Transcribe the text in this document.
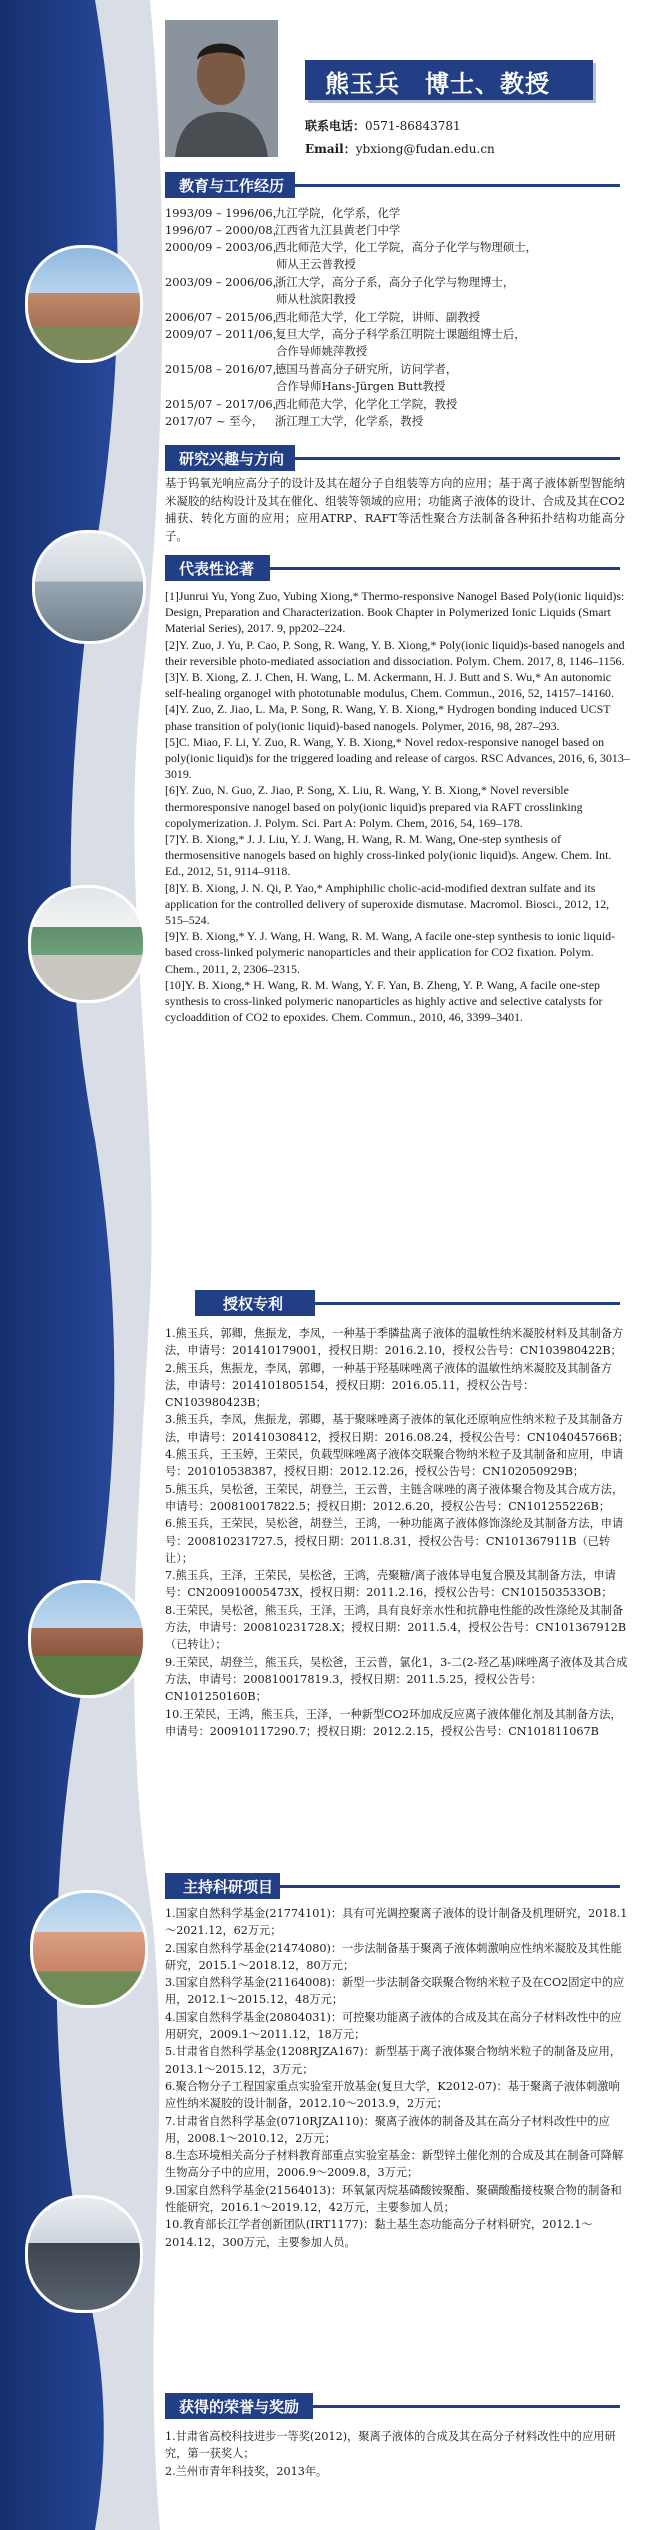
熊玉兵　博士、教授
联系电话：0571-86843781
Email：ybxiong@fudan.edu.cn
教育与工作经历
1993/09 – 1996/06，九江学院，化学系，化学
1996/07 – 2000/08，江西省九江县黄老门中学
2000/09 – 2003/06，西北师范大学，化工学院，高分子化学与物理硕士，
师从王云普教授
2003/09 – 2006/06，浙江大学，高分子系，高分子化学与物理博士，
师从杜滨阳教授
2006/07 – 2015/06，西北师范大学，化工学院，讲师、副教授
2009/07 – 2011/06，复旦大学，高分子科学系江明院士课题组博士后，
合作导师姚萍教授
2015/08 – 2016/07，德国马普高分子研究所，访问学者，
合作导师Hans-Jürgen Butt教授
2015/07 – 2017/06，西北师范大学，化学化工学院，教授
2017/07 ~ 至今， 浙江理工大学，化学系，教授
研究兴趣与方向
基于钨氧光响应高分子的设计及其在超分子自组装等方向的应用；基于离子液体新型智能纳米凝胶的结构设计及其在催化、组装等领域的应用；功能离子液体的设计、合成及其在CO2捕获、转化方面的应用；应用ATRP、RAFT等活性聚合方法制备各种拓扑结构功能高分子。
代表性论著
[1]Junrui Yu, Yong Zuo, Yubing Xiong,* Thermo-responsive Nanogel Based Poly(ionic liquid)s: Design, Preparation and Characterization. Book Chapter in Polymerized Ionic Liquids (Smart Material Series), 2017. 9, pp202–224.
[2]Y. Zuo, J. Yu, P. Cao, P. Song, R. Wang, Y. B. Xiong,* Poly(ionic liquid)s-based nanogels and their reversible photo-mediated association and dissociation. Polym. Chem. 2017, 8, 1146–1156.
[3]Y. B. Xiong, Z. J. Chen, H. Wang, L. M. Ackermann, H. J. Butt and S. Wu,* An autonomic self-healing organogel with phototunable modulus, Chem. Commun., 2016, 52, 14157–14160.
[4]Y. Zuo, Z. Jiao, L. Ma, P. Song, R. Wang, Y. B. Xiong,* Hydrogen bonding induced UCST phase transition of poly(ionic liquid)-based nanogels. Polymer, 2016, 98, 287–293.
[5]C. Miao, F. Li, Y. Zuo, R. Wang, Y. B. Xiong,* Novel redox-responsive nanogel based on poly(ionic liquid)s for the triggered loading and release of cargos. RSC Advances, 2016, 6, 3013–3019.
[6]Y. Zuo, N. Guo, Z. Jiao, P. Song, X. Liu, R. Wang, Y. B. Xiong,* Novel reversible thermoresponsive nanogel based on poly(ionic liquid)s prepared via RAFT crosslinking copolymerization. J. Polym. Sci. Part A: Polym. Chem, 2016, 54, 169–178.
[7]Y. B. Xiong,* J. J. Liu, Y. J. Wang, H. Wang, R. M. Wang, One-step synthesis of thermosensitive nanogels based on highly cross-linked poly(ionic liquid)s. Angew. Chem. Int. Ed., 2012, 51, 9114–9118.
[8]Y. B. Xiong, J. N. Qi, P. Yao,* Amphiphilic cholic-acid-modified dextran sulfate and its application for the controlled delivery of superoxide dismutase. Macromol. Biosci., 2012, 12, 515–524.
[9]Y. B. Xiong,* Y. J. Wang, H. Wang, R. M. Wang, A facile one-step synthesis to ionic liquid-based cross-linked polymeric nanoparticles and their application for CO2 fixation. Polym. Chem., 2011, 2, 2306–2315.
[10]Y. B. Xiong,* H. Wang, R. M. Wang, Y. F. Yan, B. Zheng, Y. P. Wang, A facile one-step synthesis to cross-linked polymeric nanoparticles as highly active and selective catalysts for cycloaddition of CO2 to epoxides. Chem. Commun., 2010, 46, 3399–3401.
授权专利
1.熊玉兵，郭卿，焦振龙，李凤，一种基于季膦盐离子液体的温敏性纳米凝胶材料及其制备方法，申请号：201410179001，授权日期：2016.2.10，授权公告号：CN103980422B；
2.熊玉兵，焦振龙，李凤，郭卿，一种基于羟基咪唑离子液体的温敏性纳米凝胶及其制备方法，申请号：2014101805154，授权日期：2016.05.11，授权公告号：CN103980423B；
3.熊玉兵，李凤，焦振龙，郭卿，基于聚咪唑离子液体的氧化还原响应性纳米粒子及其制备方法，申请号：201410308412，授权日期：2016.08.24，授权公告号：CN104045766B；
4.熊玉兵，王玉婷，王荣民，负载型咪唑离子液体交联聚合物纳米粒子及其制备和应用，申请号：201010538387，授权日期：2012.12.26，授权公告号：CN102050929B；
5.熊玉兵，吴松爸，王荣民，胡登兰，王云普，主链含咪唑的离子液体聚合物及其合成方法，申请号：200810017822.5；授权日期：2012.6.20，授权公告号：CN101255226B；
6.熊玉兵，王荣民，吴松爸，胡登兰，王鸿，一种功能离子液体修饰涤纶及其制备方法，申请号：200810231727.5，授权日期：2011.8.31，授权公告号：CN101367911B（已转让）；
7.熊玉兵，王泽，王荣民，吴松爸，王鸿，壳聚糖/离子液体导电复合膜及其制备方法，申请号：CN200910005473X，授权日期：2011.2.16，授权公告号：CN101503533OB；
8.王荣民，吴松爸，熊玉兵，王泽，王鸿，具有良好亲水性和抗静电性能的改性涤纶及其制备方法，申请号：200810231728.X；授权日期：2011.5.4，授权公告号：CN101367912B（已转让）；
9.王荣民，胡登兰，熊玉兵，吴松爸，王云普，氯化1，3-二(2-羟乙基)咪唑离子液体及其合成方法，申请号：200810017819.3，授权日期：2011.5.25，授权公告号：CN101250160B；
10.王荣民，王鸿，熊玉兵，王泽，一种新型CO2环加成反应离子液体催化剂及其制备方法，申请号：200910117290.7；授权日期：2012.2.15，授权公告号：CN101811067B
主持科研项目
1.国家自然科学基金(21774101)：具有可光调控聚离子液体的设计制备及机理研究，2018.1～2021.12，62万元；
2.国家自然科学基金(21474080)：一步法制备基于聚离子液体刺激响应性纳米凝胶及其性能研究，2015.1～2018.12，80万元；
3.国家自然科学基金(21164008)：新型一步法制备交联聚合物纳米粒子及在CO2固定中的应用，2012.1～2015.12，48万元；
4.国家自然科学基金(20804031)：可控聚功能离子液体的合成及其在高分子材料改性中的应用研究，2009.1～2011.12，18万元；
5.甘肃省自然科学基金(1208RJZA167)：新型基于离子液体聚合物纳米粒子的制备及应用，2013.1～2015.12，3万元；
6.聚合物分子工程国家重点实验室开放基金(复旦大学，K2012-07)：基于聚离子液体刺激响应性纳米凝胶的设计制备，2012.10～2013.9，2万元；
7.甘肃省自然科学基金(0710RJZA110)：聚离子液体的制备及其在高分子材料改性中的应用，2008.1～2010.12，2万元；
8.生态环境相关高分子材料教育部重点实验室基金：新型锌土催化剂的合成及其在制备可降解生物高分子中的应用，2006.9～2009.8，3万元；
9.国家自然科学基金(21564013)：环氧氯丙烷基磷酸铵聚酯、聚磺酸酯接枝聚合物的制备和性能研究，2016.1～2019.12，42万元，主要参加人员；
10.教育部长江学者创新团队(IRT1177)：黏土基生态功能高分子材料研究，2012.1～2014.12，300万元，主要参加人员。
获得的荣誉与奖励
1.甘肃省高校科技进步一等奖(2012)，聚离子液体的合成及其在高分子材料改性中的应用研究，第一获奖人；
2.兰州市青年科技奖，2013年。
